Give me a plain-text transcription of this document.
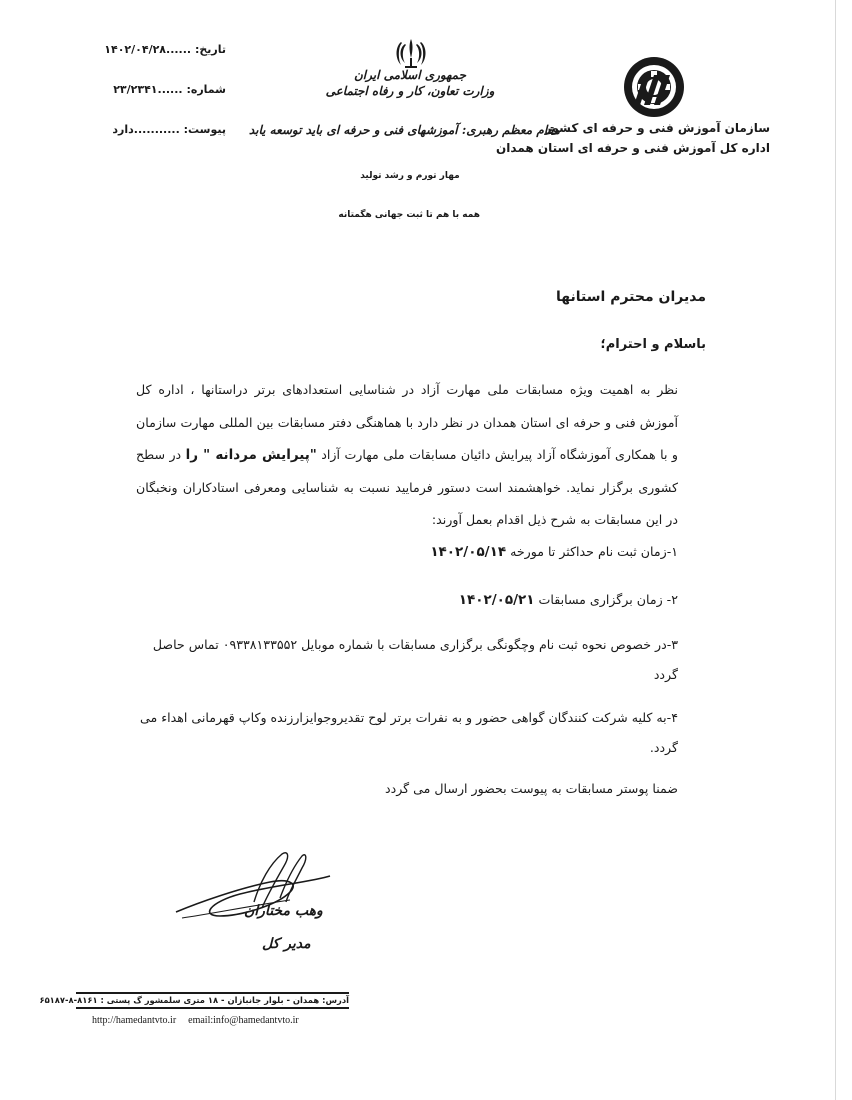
تاریخ: ......۱۴۰۲/۰۴/۲۸
شماره: ......۲۳/۲۳۴۱
پیوست: ...........دارد
جمهوری اسلامی ایران
وزارت تعاون، کار و رفاه اجتماعی
مقام معظم رهبری: آموزشهای فنی و حرفه ای باید توسعه یابد
مهار تورم و رشد تولید
همه با هم تا ثبت جهانی هگمتانه
سازمان آموزش فنی و حرفه ای کشور
اداره کل آموزش فنی و حرفه ای استان همدان
مدیران محترم استانها
باسلام و احترام؛
نظر به اهمیت ویژه مسابقات ملی مهارت آزاد در شناسایی استعدادهای برتر دراستانها ، اداره کل آموزش فنی و حرفه ای استان همدان در نظر دارد با هماهنگی دفتر مسابقات بین المللی مهارت سازمان و با همکاری آموزشگاه آزاد پیرایش دائیان مسابقات ملی مهارت آزاد "پیرایش مردانه " را در سطح کشوری برگزار نماید. خواهشمند است دستور فرمایید نسبت به شناسایی ومعرفی استادکاران ونخبگان در این مسابقات به شرح ذیل اقدام بعمل آورند:
۱-زمان ثبت نام حداکثر تا مورخه ۱۴۰۲/۰۵/۱۴
۲- زمان برگزاری مسابقات ۱۴۰۲/۰۵/۲۱
۳-در خصوص نحوه ثبت نام وچگونگی برگزاری مسابقات با شماره موبایل ۰۹۳۳۸۱۳۳۵۵۲ تماس حاصل گردد
۴-به کلیه شرکت کنندگان گواهی حضور و به نفرات برتر لوح تقدیروجوایزارزنده وکاپ قهرمانی اهداء می گردد.
ضمنا پوستر مسابقات به پیوست بحضور ارسال می گردد
وهب مختاران
مدیر کل
آدرس: همدان - بلوار جانبازان - ۱۸ متری سلمشور گ پستی : ۸۱۶۱-۸-۶۵۱۸۷
http://hamedantvto.ir email:info@hamedantvto.ir
